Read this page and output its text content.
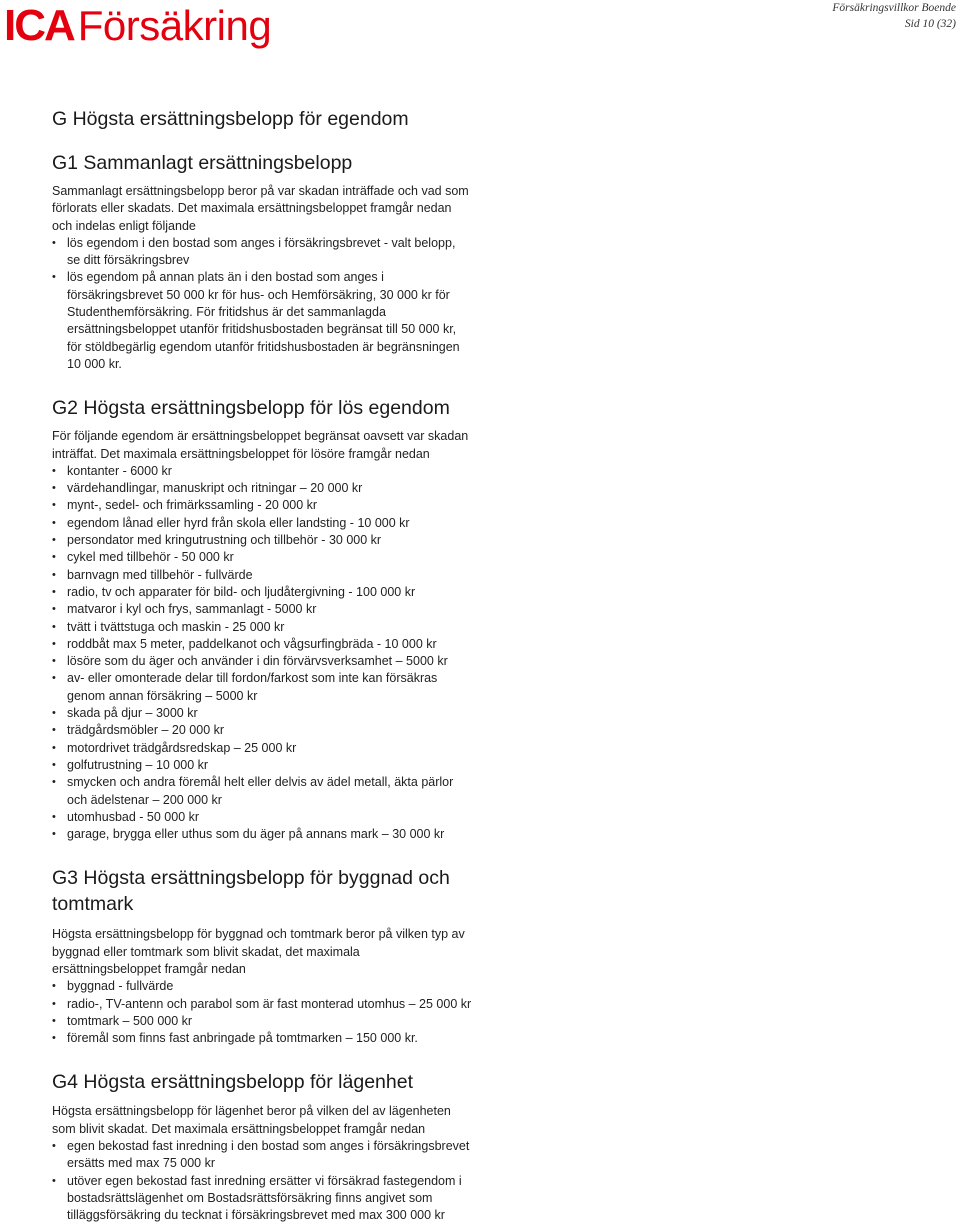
ICA Försäkring	Försäkringsvillkor Boende
Sid 10 (32)
G Högsta ersättningsbelopp för egendom
G1 Sammanlagt ersättningsbelopp

Sammanlagt ersättningsbelopp beror på var skadan inträffade och vad som förlorats eller skadats. Det maximala ersättningsbeloppet framgår nedan och indelas enligt följande

• lös egendom i den bostad som anges i försäkringsbrevet - valt belopp, se ditt försäkringsbrev
• lös egendom på annan plats än i den bostad som anges i försäkringsbrevet 50 000 kr för hus- och Hemförsäkring, 30 000 kr för Studenthemförsäkring. För fritidshus är det sammanlagda ersättningsbeloppet utanför fritidshusbostaden begränsat till 50 000 kr, för stöldbegärlig egendom utanför fritidshusbostaden är begränsningen 10 000 kr.
G2 Högsta ersättningsbelopp för lös egendom

För följande egendom är ersättningsbeloppet begränsat oavsett var skadan inträffat. Det maximala ersättningsbeloppet för lösöre framgår nedan

• kontanter - 6000 kr
• värdehandlingar, manuskript och ritningar – 20 000 kr
• mynt-, sedel- och frimärkssamling - 20 000 kr
• egendom lånad eller hyrd från skola eller landsting - 10 000 kr
• persondator med kringutrustning och tillbehör - 30 000 kr
• cykel med tillbehör - 50 000 kr
• barnvagn med tillbehör - fullvärde
• radio, tv och apparater för bild- och ljudåtergivning - 100 000 kr
• matvaror i kyl och frys, sammanlagt - 5000 kr
• tvätt i tvättstuga och maskin - 25 000 kr
• roddbåt max 5 meter, paddelkanot och vågsurfingbräda - 10 000 kr
• lösöre som du äger och använder i din förvärvsverksamhet – 5000 kr
• av- eller omonterade delar till fordon/farkost som inte kan försäkras genom annan försäkring – 5000 kr
• skada på djur – 3000 kr
• trädgårdsmöbler – 20 000 kr
• motordrivet trädgårdsredskap – 25 000 kr
• golfutrustning – 10 000 kr
• smycken och andra föremål helt eller delvis av ädel metall, äkta pärlor och ädelstenar – 200 000 kr
• utomhusbad - 50 000 kr
• garage, brygga eller uthus som du äger på annans mark – 30 000 kr
G3 Högsta ersättningsbelopp för byggnad och tomtmark

Högsta ersättningsbelopp för byggnad och tomtmark beror på vilken typ av byggnad eller tomtmark som blivit skadat, det maximala ersättningsbeloppet framgår nedan

• byggnad - fullvärde
• radio-, TV-antenn och parabol som är fast monterad utomhus – 25 000 kr
• tomtmark – 500 000 kr
• föremål som finns fast anbringade på tomtmarken – 150 000 kr.
G4 Högsta ersättningsbelopp för lägenhet

Högsta ersättningsbelopp för lägenhet beror på vilken del av lägenheten som blivit skadat. Det maximala ersättningsbeloppet framgår nedan

• egen bekostad fast inredning i den bostad som anges i försäkringsbrevet ersätts med max 75 000 kr
• utöver egen bekostad fast inredning ersätter vi försäkrad fastegendom i bostadsrättslägenhet om Bostadsrättsförsäkring finns angivet som tilläggsförsäkring du tecknat i försäkringsbrevet med max 300 000 kr
